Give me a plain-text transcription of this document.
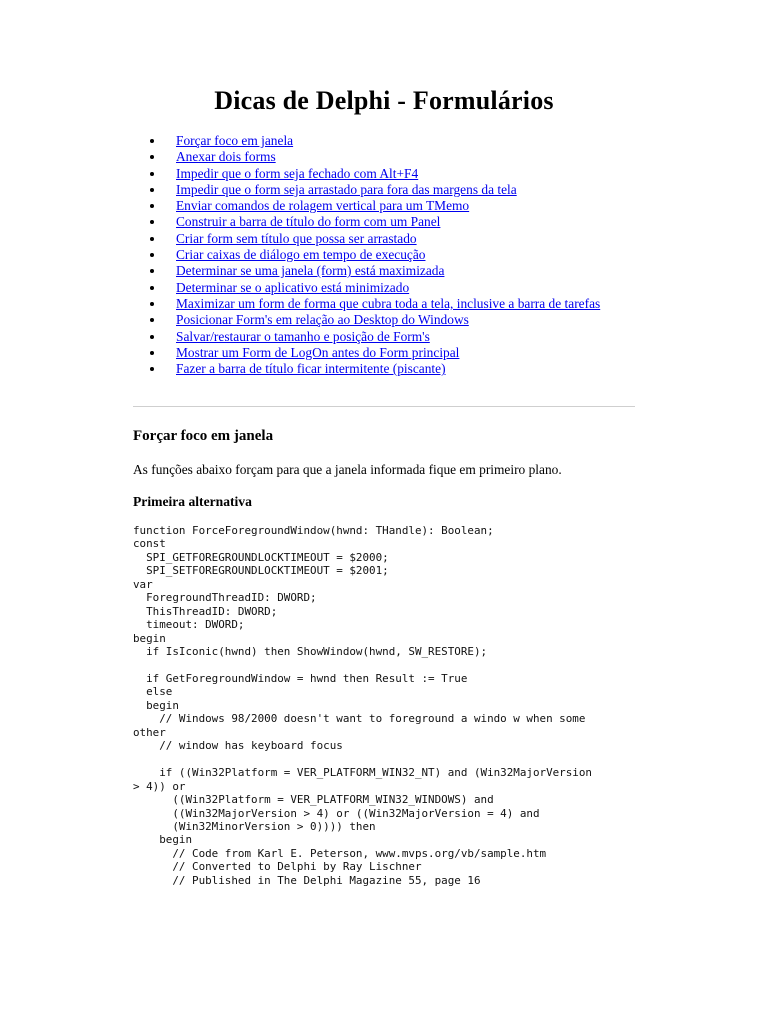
Dicas de Delphi - Formulários
Forçar foco em janela
Anexar dois forms
Impedir que o form seja fechado com Alt+F4
Impedir que o form seja arrastado para fora das margens da tela
Enviar comandos de rolagem vertical para um TMemo
Construir a barra de título do form com um Panel
Criar form sem título que possa ser arrastado
Criar caixas de diálogo em tempo de execução
Determinar se uma janela (form) está maximizada
Determinar se o aplicativo está minimizado
Maximizar um form de forma que cubra toda a tela, inclusive a barra de tarefas
Posicionar Form's em relação ao Desktop do Windows
Salvar/restaurar o tamanho e posição de Form's
Mostrar um Form de LogOn antes do Form principal
Fazer a barra de título ficar intermitente (piscante)
Forçar foco em janela

As funções abaixo forçam para que a janela informada fique em primeiro plano.

Primeira alternativa
function ForceForegroundWindow(hwnd: THandle): Boolean;
const
SPI_GETFOREGROUNDLOCKTIMEOUT = $2000;
SPI_SETFOREGROUNDLOCKTIMEOUT = $2001;
var
ForegroundThreadID: DWORD;
ThisThreadID: DWORD;
timeout: DWORD;
begin
if IsIconic(hwnd) then ShowWindow(hwnd, SW_RESTORE);

if GetForegroundWindow = hwnd then Result := True
else
begin
// Windows 98/2000 doesn't want to foreground a windo w when some
other
// window has keyboard focus

if ((Win32Platform = VER_PLATFORM_WIN32_NT) and (Win32MajorVersion
> 4)) or
((Win32Platform = VER_PLATFORM_WIN32_WINDOWS) and
((Win32MajorVersion > 4) or ((Win32MajorVersion = 4) and
(Win32MinorVersion > 0)))) then
begin
// Code from Karl E. Peterson, www.mvps.org/vb/sample.htm
// Converted to Delphi by Ray Lischner
// Published in The Delphi Magazine 55, page 16
